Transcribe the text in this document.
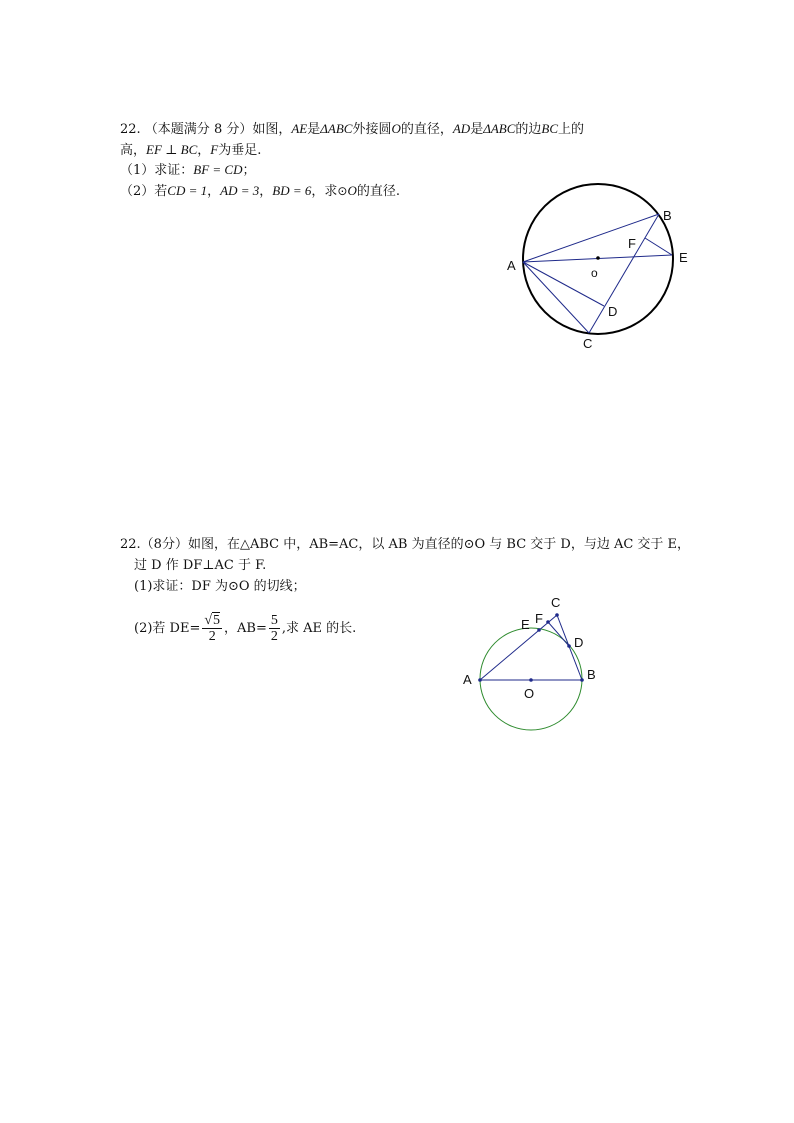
22. （本题满分 8 分）如图，AE是ΔABC外接圆O的直径，AD是ΔABC的边BC上的
高，EF ⊥ BC，F为垂足.
（1）求证：BF = CD；
（2）若CD = 1，AD = 3，BD = 6，求⊙O的直径.
A
B
C
D
E
F
o
22.（8分）如图，在△ABC 中，AB=AC，以 AB 为直径的⊙O 与 BC 交于 D，与边 AC 交于 E，
过 D 作 DF⊥AC 于 F.
(1)求证：DF 为⊙O 的切线；
(2)若 $DE= \frac{√5}{2}$ ，$AB= \frac{5}{2}$ ,求 AE 的长.
A	B
C
D
E F
O
